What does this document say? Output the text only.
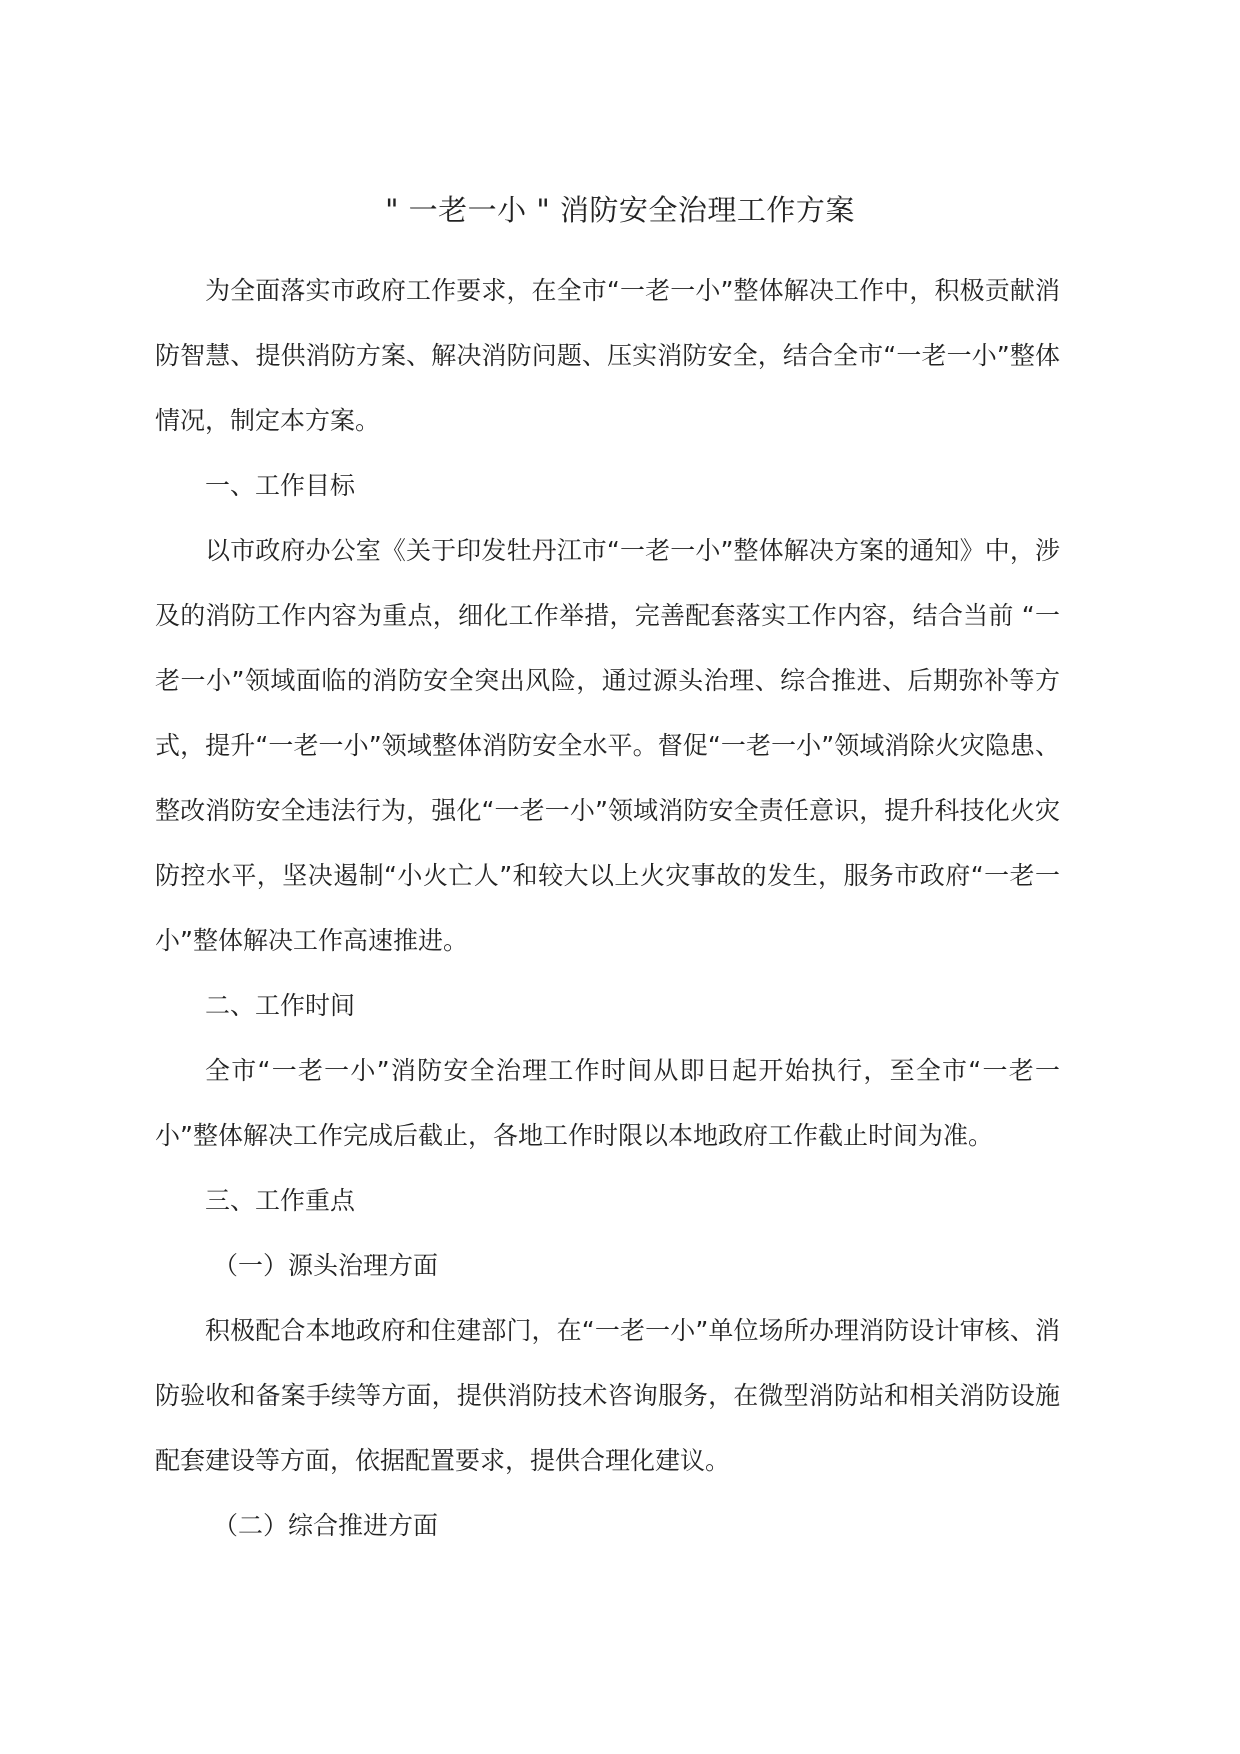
" 一老一小 " 消防安全治理工作方案

为全面落实市政府工作要求，在全市“一老一小”整体解决工作中，积极贡献消防智慧、提供消防方案、解决消防问题、压实消防安全，结合全市“一老一小”整体情况，制定本方案。

一、工作目标

以市政府办公室《关于印发牡丹江市“一老一小”整体解决方案的通知》中，涉及的消防工作内容为重点，细化工作举措，完善配套落实工作内容，结合当前 “一老一小”领域面临的消防安全突出风险，通过源头治理、综合推进、后期弥补等方式，提升“一老一小”领域整体消防安全水平。督促“一老一小”领域消除火灾隐患、整改消防安全违法行为，强化“一老一小”领域消防安全责任意识，提升科技化火灾防控水平，坚决遏制“小火亡人”和较大以上火灾事故的发生，服务市政府“一老一小”整体解决工作高速推进。

二、工作时间

全市“一老一小”消防安全治理工作时间从即日起开始执行，至全市“一老一小”整体解决工作完成后截止，各地工作时限以本地政府工作截止时间为准。

三、工作重点

（一）源头治理方面

积极配合本地政府和住建部门，在“一老一小”单位场所办理消防设计审核、消防验收和备案手续等方面，提供消防技术咨询服务，在微型消防站和相关消防设施配套建设等方面，依据配置要求，提供合理化建议。

（二）综合推进方面
